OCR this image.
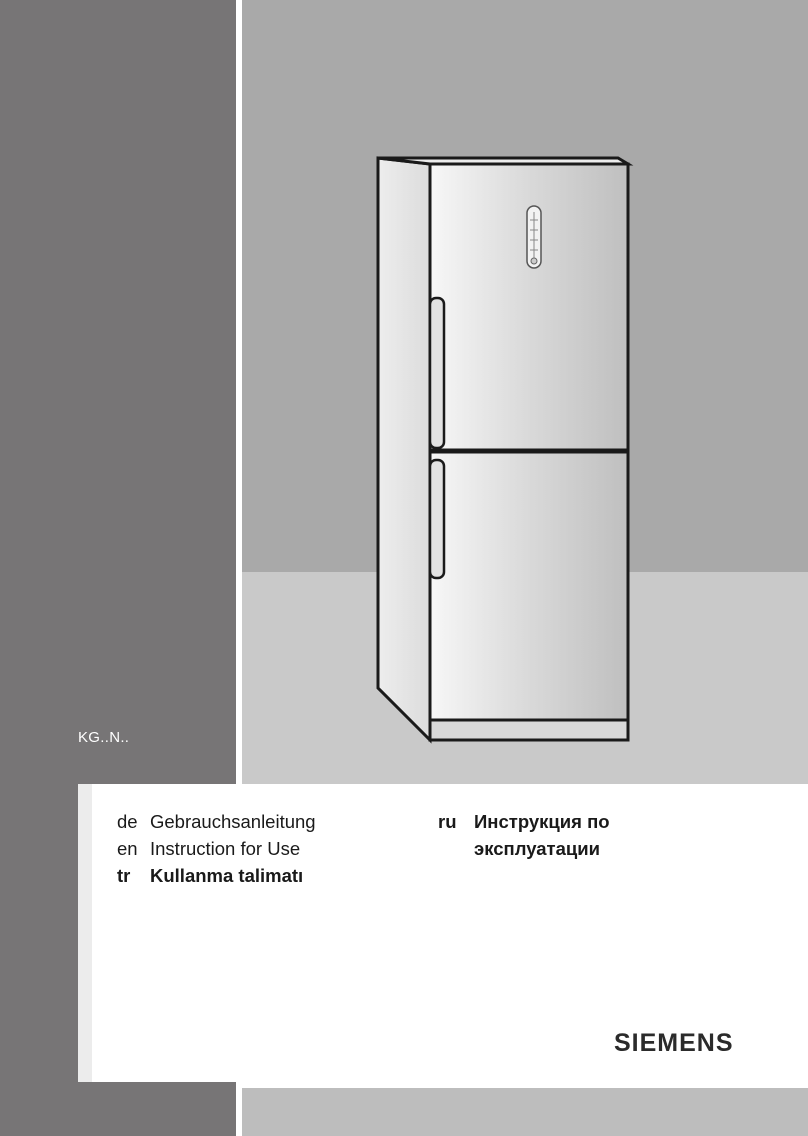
KG..N..
de Gebrauchsanleitung
en Instruction for Use
tr	Kullanma talimatı
ru Инструкция по
эксплуатации
SIEMENS
